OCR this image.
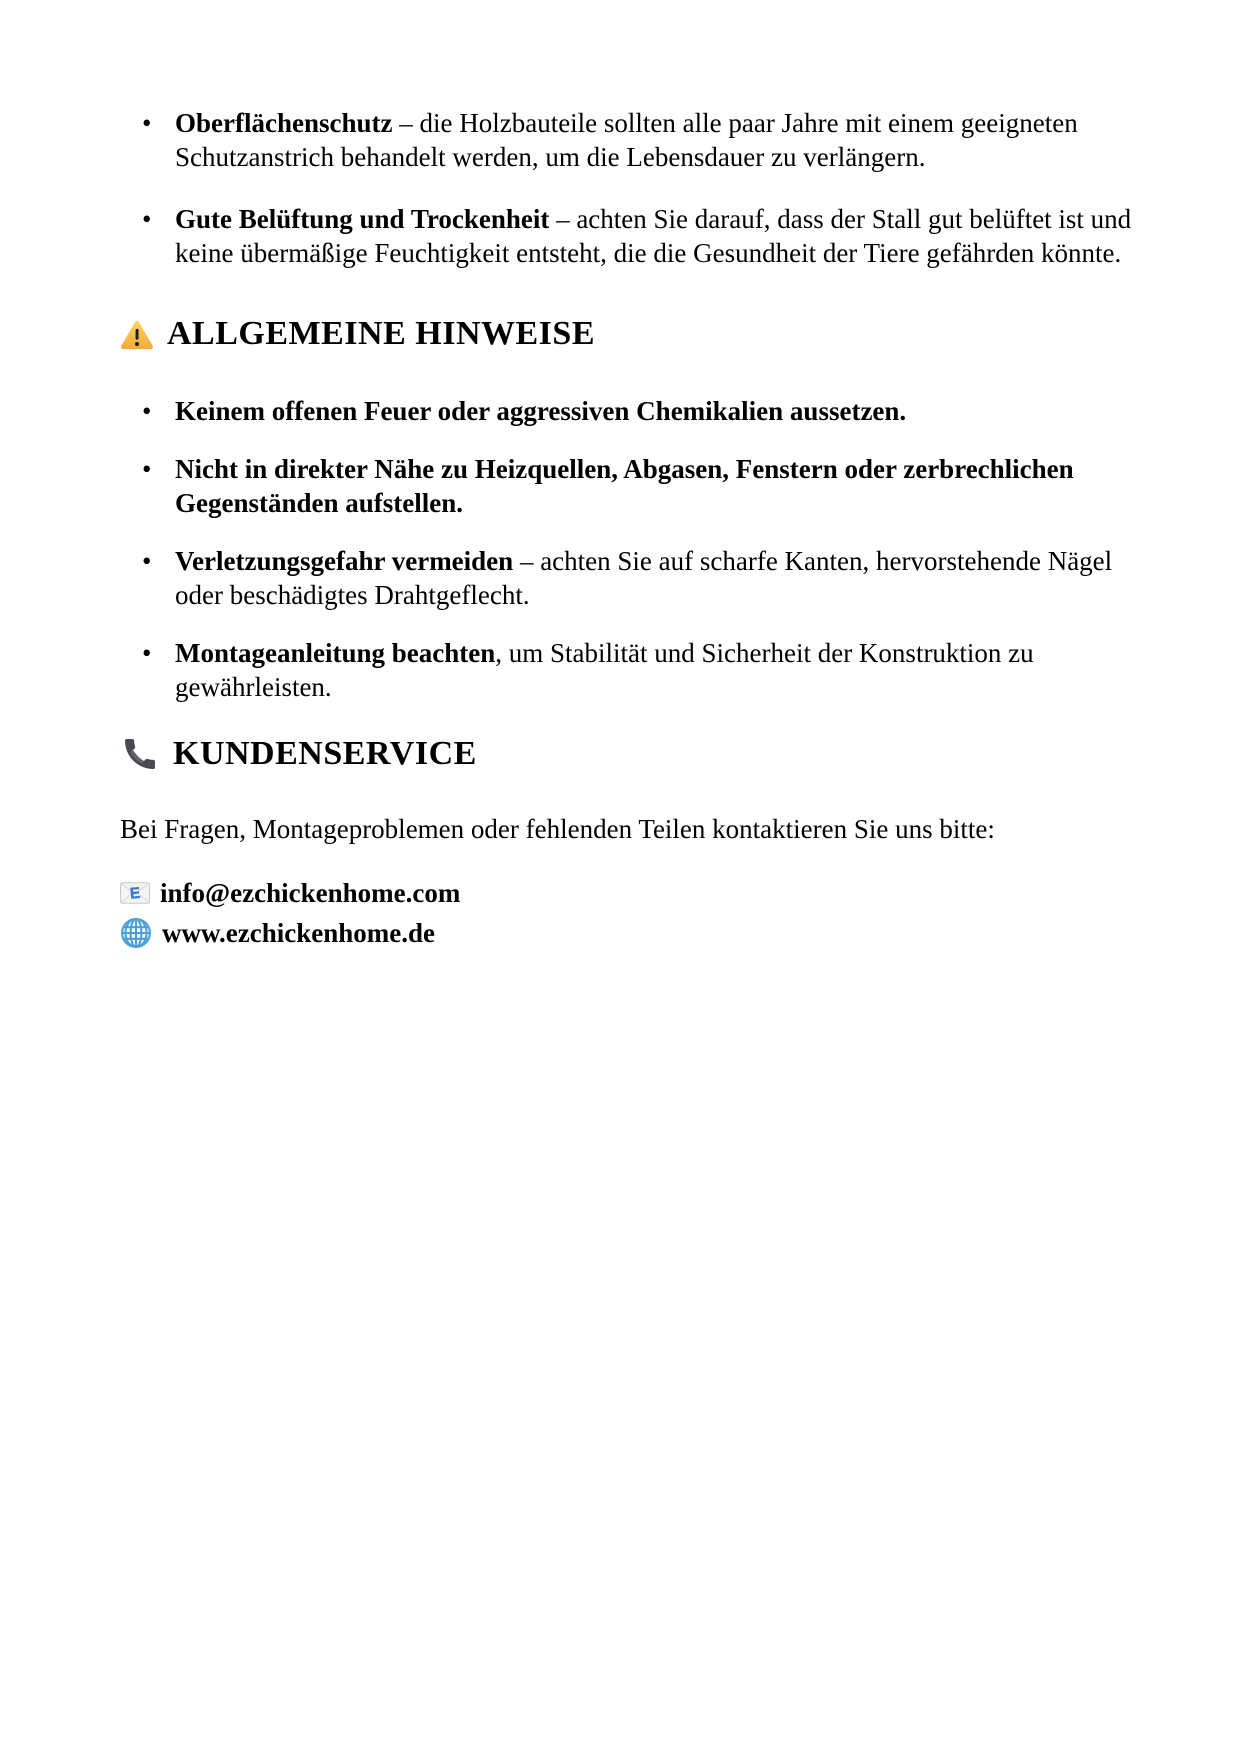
• Oberflächenschutz – die Holzbauteile sollten alle paar Jahre mit einem geeigneten Schutzanstrich behandelt werden, um die Lebensdauer zu verlängern.
• Gute Belüftung und Trockenheit – achten Sie darauf, dass der Stall gut belüftet ist und keine übermäßige Feuchtigkeit entsteht, die die Gesundheit der Tiere gefährden könnte.
ALLGEMEINE HINWEISE
• Keinem offenen Feuer oder aggressiven Chemikalien aussetzen.
• Nicht in direkter Nähe zu Heizquellen, Abgasen, Fenstern oder zerbrechlichen Gegenständen aufstellen.
• Verletzungsgefahr vermeiden – achten Sie auf scharfe Kanten, hervorstehende Nägel oder beschädigtes Drahtgeflecht.
• Montageanleitung beachten, um Stabilität und Sicherheit der Konstruktion zu gewährleisten.
KUNDENSERVICE

Bei Fragen, Montageproblemen oder fehlenden Teilen kontaktieren Sie uns bitte:

E info@ezchickenhome.com
www.ezchickenhome.de
